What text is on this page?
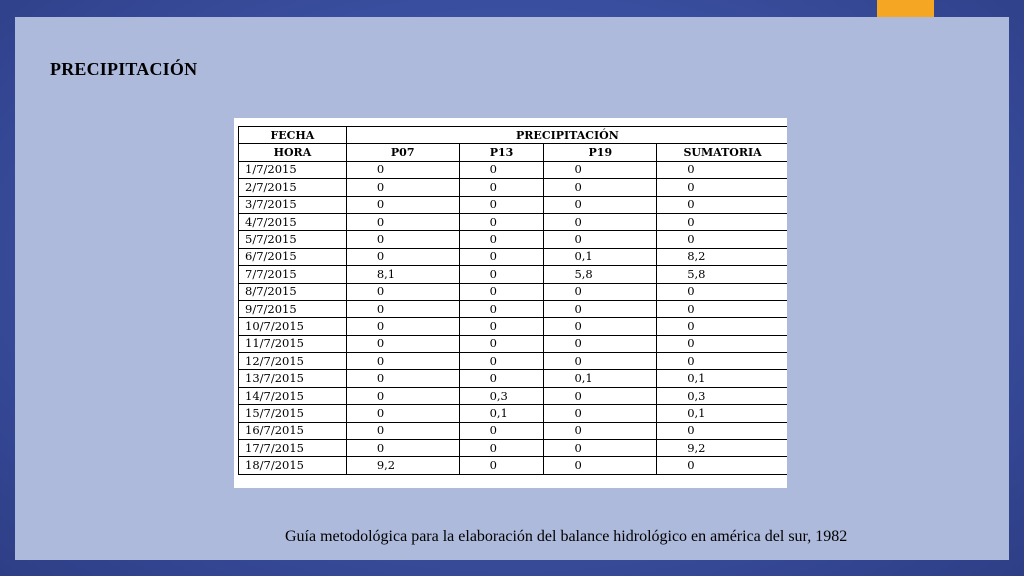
PRECIPITACIÓN
FECHA	PRECIPITACIÓN			
HORA	P07	P13	P19	SUMATORIA
1/7/2015	0	0	0	0
2/7/2015	0	0	0	0
3/7/2015	0	0	0	0
4/7/2015	0	0	0	0
5/7/2015	0	0	0	0
6/7/2015	0	0	0,1	8,2
7/7/2015	8,1	0	5,8	5,8
8/7/2015	0	0	0	0
9/7/2015	0	0	0	0
10/7/2015	0	0	0	0
11/7/2015	0	0	0	0
12/7/2015	0	0	0	0
13/7/2015	0	0	0,1	0,1
14/7/2015	0	0,3	0	0,3
15/7/2015	0	0,1	0	0,1
16/7/2015	0	0	0	0
17/7/2015	0	0	0	9,2
18/7/2015	9,2	0	0	0
Guía metodológica para la elaboración del balance hidrológico en américa del sur, 1982
